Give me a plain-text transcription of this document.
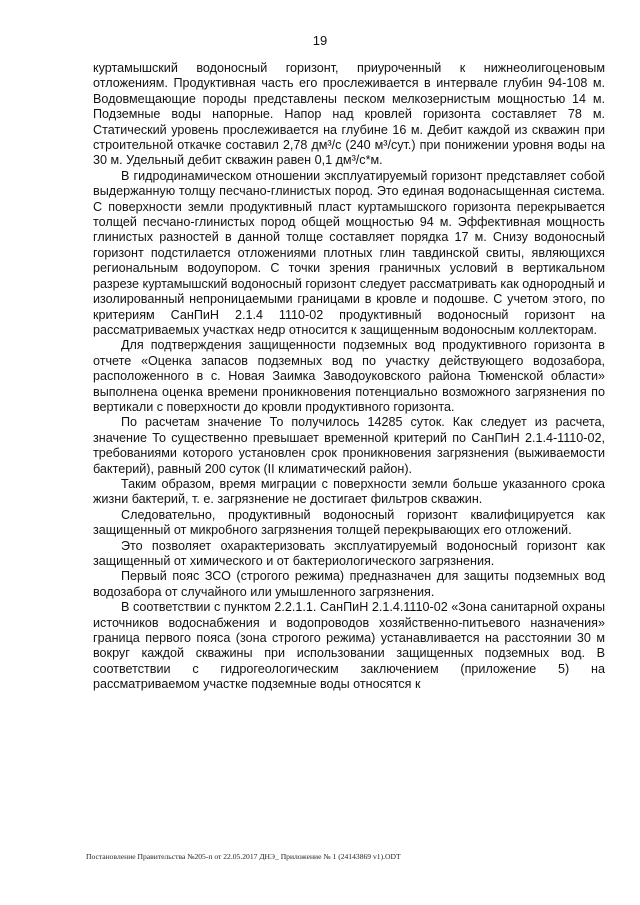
19

куртамышский водоносный горизонт, приуроченный к нижнеолигоценовым отложениям. Продуктивная часть его прослеживается в интервале глубин 94-108 м. Водовмещающие породы представлены песком мелкозернистым мощностью 14 м. Подземные воды напорные. Напор над кровлей горизонта составляет 78 м. Статический уровень прослеживается на глубине 16 м. Дебит каждой из скважин при строительной откачке составил 2,78 дм³/с (240 м³/сут.) при понижении уровня воды на 30 м. Удельный дебит скважин равен 0,1 дм³/с*м.

В гидродинамическом отношении эксплуатируемый горизонт представляет собой выдержанную толщу песчано-глинистых пород. Это единая водонасыщенная система. С поверхности земли продуктивный пласт куртамышского горизонта перекрывается толщей песчано-глинистых пород общей мощностью 94 м. Эффективная мощность глинистых разностей в данной толще составляет порядка 17 м. Снизу водоносный горизонт подстилается отложениями плотных глин тавдинской свиты, являющихся региональным водоупором. С точки зрения граничных условий в вертикальном разрезе куртамышский водоносный горизонт следует рассматривать как однородный и изолированный непроницаемыми границами в кровле и подошве. С учетом этого, по критериям СанПиН 2.1.4 1110-02 продуктивный водоносный горизонт на рассматриваемых участках недр относится к защищенным водоносным коллекторам.

Для подтверждения защищенности подземных вод продуктивного горизонта в отчете «Оценка запасов подземных вод по участку действующего водозабора, расположенного в с. Новая Заимка Заводоуковского района Тюменской области» выполнена оценка времени проникновения потенциально возможного загрязнения по вертикали с поверхности до кровли продуктивного горизонта.

По расчетам значение То получилось 14285 суток. Как следует из расчета, значение То существенно превышает временной критерий по СанПиН 2.1.4-1110-02, требованиями которого установлен срок проникновения загрязнения (выживаемости бактерий), равный 200 суток (II климатический район).

Таким образом, время миграции с поверхности земли больше указанного срока жизни бактерий, т. е. загрязнение не достигает фильтров скважин.

Следовательно, продуктивный водоносный горизонт квалифицируется как защищенный от микробного загрязнения толщей перекрывающих его отложений.

Это позволяет охарактеризовать эксплуатируемый водоносный горизонт как защищенный от химического и от бактериологического загрязнения.

Первый пояс ЗСО (строгого режима) предназначен для защиты подземных вод водозабора от случайного или умышленного загрязнения.

В соответствии с пунктом 2.2.1.1. СанПиН 2.1.4.1110-02 «Зона санитарной охраны источников водоснабжения и водопроводов хозяйственно-питьевого назначения» граница первого пояса (зона строгого режима) устанавливается на расстоянии 30 м вокруг каждой скважины при использовании защищенных подземных вод. В соответствии с гидрогеологическим заключением (приложение 5) на рассматриваемом участке подземные воды относятся к

Постановление Правительства №205-п от 22.05.2017 ДНЭ_ Приложение № 1 (24143869 v1).ODT
